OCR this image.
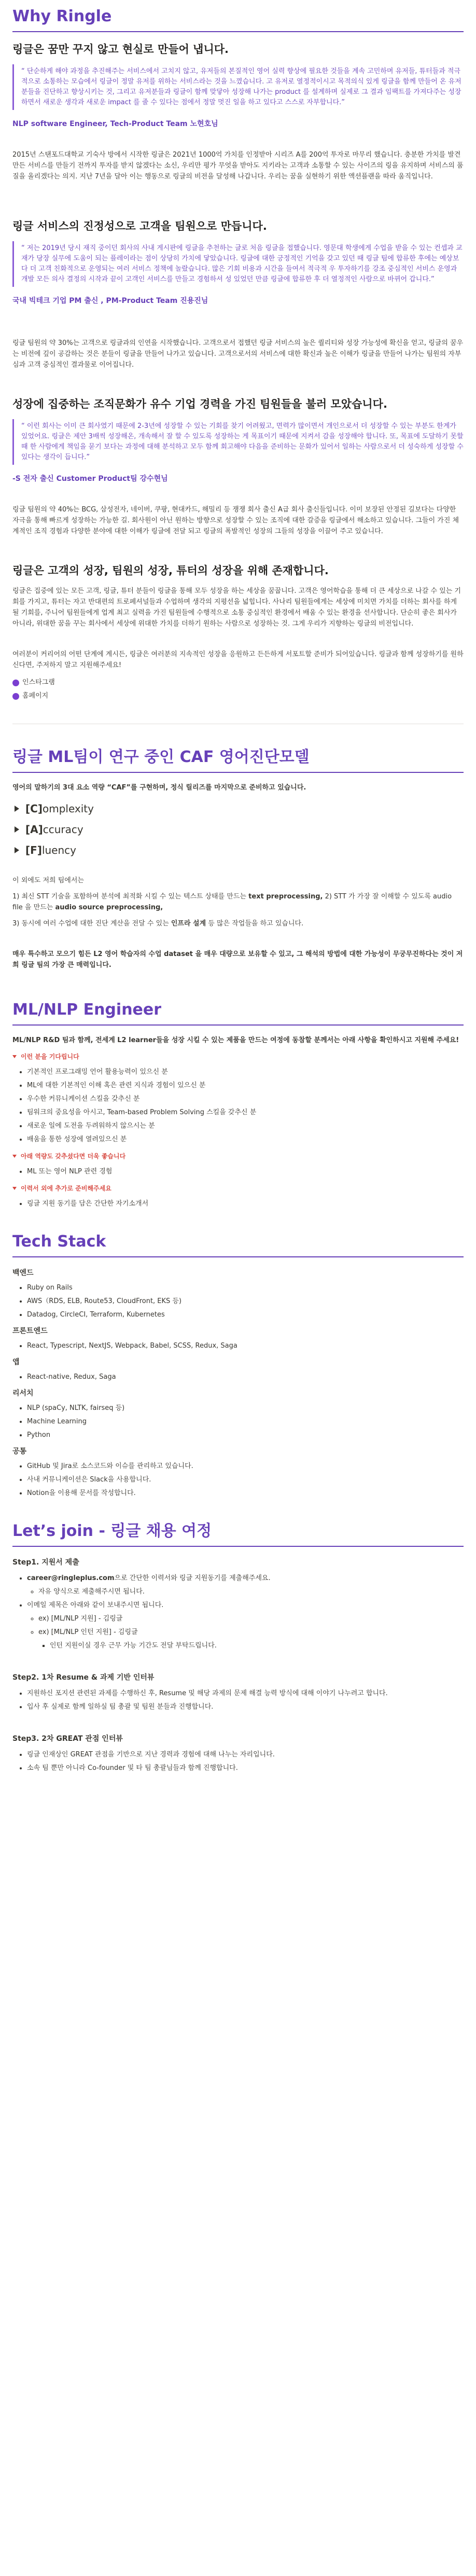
Why Ringle
링글은 꿈만 꾸지 않고 현실로 만들어 냅니다.
“ 단순하게 해야 과정을 추진해주는 서비스에서 고치지 않고, 유저들의 본질적인 영어 실력 향상에 필요한 것들을 계속 고민하며 유저들, 튜터들과 적극적으로 소통하는 모습에서 링글이 정말 유저를 위하는 서비스라는 것을 느꼈습니다. 고 유저로 열정적이시고 목적의식 있게 링글을 함께 만들어 온 유저분들을 진단하고 향상시키는 것, 그리고 유저분들과 링글이 함께 맞닿아 성장해 나가는 product 를 설계하며 실제로 그 결과 임팩트를 가져다주는 성장하면서 새로운 생각과 새로운 impact 를 줄 수 있다는 점에서 정말 멋진 일을 하고 있다고 스스로 자부합니다.”
NLP software Engineer, Tech-Product Team 노현호님

2015년 스탠포드대학교 기숙사 방에서 시작한 링글은 2021년 1000억 가치를 인정받아 시리즈 A를 200억 투자로 마무리 했습니다. 충분한 가치를 발견 만든 서비스를 만들기 전까지 투자를 받지 않겠다는 소신, 우리만 평가 무엇을 받아도 지키라는 고객과 소통할 수 있는 사이즈의 링을 유지하며 서비스의 품질을 올리겠다는 의지. 지난 7년을 달아 이는 행동으로 링글의 비전을 달성해 나갑니다. 우리는 꿈을 실현하기 위한 액션플랜을 따라 움직입니다.

링글 서비스의 진정성으로 고객을 팀원으로 만듭니다.
“ 저는 2019년 당시 재직 중이던 회사의 사내 게시판에 링글을 추천하는 글로 처음 링글을 접했습니다. 영문대 학생에게 수업을 받을 수 있는 컨셉과 교재가 당장 실무에 도움이 되는 플레이라는 점이 상당히 가치에 닿았습니다. 링글에 대한 긍정적인 기억을 갖고 있던 때 링글 팀에 합류한 후에는 예상보다 더 고객 친화적으로 운영되는 여러 서비스 정책에 놀랐습니다. 많은 기회 비용과 시간을 들여서 적극적 우 투자하기를 강조 중심적인 서비스 운영과 개발 모든 의사 결정의 시작과 끝이 고객인 서비스를 만들고 경험하셔 성 있었던 만큼 링글에 합류한 후 더 열정적인 사람으로 바뀌어 갑니다.”
국내 빅테크 기업 PM 출신 , PM-Product Team 진용진님

링글 팀원의 약 30%는 고객으로 링글과의 인연을 시작했습니다. 고객으로서 접했던 링글 서비스의 높은 퀄리티와 성장 가능성에 확신을 얻고, 링글의 꿈우는 비전에 깊이 공감하는 것은 분들이 링글을 만들어 나가고 있습니다. 고객으로서의 서비스에 대한 확신과 높은 이해가 링글을 만들어 나가는 팀원의 자부심과 고객 중심적인 결과물로 이어집니다.

성장에 집중하는 조직문화가 유수 기업 경력을 가진 팀원들을 불러 모았습니다.
“ 이런 회사는 이미 큰 회사였기 때문에 2-3년에 성장할 수 있는 기회를 찾기 어려웠고, 면력가 많이면서 개인으로서 더 성장할 수 있는 부분도 한계가 있었어요. 링글은 제안 3배씩 성장해온, 개속해서 잘 할 수 있도록 성장하는 게 목표이기 때문에 지켜서 감을 성장해야 합니다. 또, 목표에 도달하기 못할 때 한 사람에게 책임을 묻기 보다는 과정에 대해 분석하고 모두 함께 회고해야 다음을 준비하는 문화가 있어서 일하는 사람으로서 더 성숙하게 성장할 수 있다는 생각이 듭니다.”
-S 전자 출신 Customer Product팀 강수현님

링글 팀원의 약 40%는 BCG, 삼성전자, 네이버, 쿠팡, 현대카드, 해밀리 등 쟁쟁 회사 출신 A급 회사 출신들입니다. 이미 보장된 안정된 길보다는 다양한 자극을 통해 빠르게 성장하는 가능한 길. 회사원이 아닌 원하는 방향으로 성장할 수 있는 조직에 대한 갈증을 링글에서 해소하고 있습니다. 그들이 가진 체계적인 조직 경험과 다양한 분야에 대한 이해가 링글에 전달 되고 링글의 폭발적인 성장의 그들의 성장을 이끌어 주고 있습니다.

링글은 고객의 성장, 팀원의 성장, 튜터의 성장을 위해 존재합니다.

링글은 집중에 있는 모든 고객, 링글, 튜터 분들이 링글을 통해 모두 성장을 하는 세상을 꿈꿉니다. 고객은 영어학습을 통해 더 큰 세상으로 나갈 수 있는 기회를 가지고, 튜터는 자고 반대편의 트로페셔널들과 수업하며 생각의 지평선을 넓힙니다. 사나리 팀원들에게는 세상에 미치면 가치를 더하는 회사를 하게 될 기회를, 주니어 팀원들에게 업계 최고 실력을 가진 팀원들에 수행적으로 소통 중심적인 환경에서 배움 수 있는 환경을 선사합니다. 단순히 좋은 회사가 아니라, 위대한 꿈을 꾸는 회사에서 세상에 위대한 가치를 더하기 원하는 사람으로 성장하는 것. 그게 우리가 지향하는 링글의 비전입니다.

여러분이 커리어의 어떤 단계에 계시든, 링글은 여러분의 지속적인 성장을 응원하고 든든하게 서포트할 준비가 되어있습니다. 링글과 함께 성장하기를 원하신다면, 주저하지 말고 지원해주세요!

인스타그램
홈페이지
링글 ML팀이 연구 중인 CAF 영어진단모델

영어의 말하기의 3대 요소 역량 “CAF”를 구현하며, 정식 릴리즈를 마지막으로 준비하고 있습니다.

[C] omplexity
[A] ccuracy
[F] luency

이 외에도 저희 팀에서는

1) 최신 STT 기술을 포함하여 분석에 최적화 시킬 수 있는 텍스트 상태를 만드는 text preprocessing, 2) STT 가 가장 잘 이해할 수 있도록 audio file 을 만드는 audio source preprocessing,

3) 동시에 여러 수업에 대한 진단 계산을 전달 수 있는 인프라 설계 등 많은 작업들을 하고 있습니다.

매우 특수하고 모으기 힘든 L2 영어 학습자의 수업 dataset 을 매우 대량으로 보유할 수 있고, 그 해석의 방법에 대한 가능성이 무궁무진하다는 것이 저희 링글 팀의 가장 큰 매력입니다.

ML/NLP Engineer

ML/NLP R&D 팀과 함께, 전세계 L2 learner들을 성장 시킬 수 있는 제품을 만드는 여정에 동참할 분께서는 아래 사항을 확인하시고 지원해 주세요!

이런 분을 기다립니다
• 기본적인 프로그래밍 언어 활용능력이 있으신 분
• ML에 대한 기본적인 이해 혹은 관련 지식과 경험이 있으신 분
• 우수한 커뮤니케이션 스킬을 갖추신 분
• 팀워크의 중요성을 아시고, Team-based Problem Solving 스킬을 갖추신 분
• 새로운 일에 도전을 두려워하지 않으시는 분
• 배움을 통한 성장에 열려있으신 분
아래 역량도 갖추셨다면 더욱 좋습니다
• ML 또는 영어 NLP 관련 경험
이력서 외에 추가로 준비해주세요
• 링글 지원 동기를 담은 간단한 자기소개서
Tech Stack
백엔드
• Ruby on Rails
• AWS（RDS, ELB, Route53, CloudFront, EKS 등)
• Datadog, CircleCI, Terraform, Kubernetes
프론트엔드
• React, Typescript, NextJS, Webpack, Babel, SCSS, Redux, Saga
앱
• React-native, Redux, Saga
리서치
• NLP (spaCy, NLTK, fairseq 등)
• Machine Learning
• Python
공통
• GitHub 및 Jira로 소스코드와 이슈를 관리하고 있습니다.
• 사내 커뮤니케이션은 Slack을 사용합니다.
• Notion을 이용해 문서를 작성합니다.
Let’s join - 링글 채용 여정
Step1. 지원서 제출
• career@ringleplus.com으로 간단한 이력서와 링글 지원동기를 제출해주세요.
◦ 자유 양식으로 제출해주시면 됩니다.
• 이메일 제목은 아래와 같이 보내주시면 됩니다.
◦ ex) [ML/NLP 지원] - 김링글
◦ ex) [ML/NLP 인턴 지원] - 김링글
▪ 인턴 지원이실 경우 근무 가능 기간도 전달 부탁드립니다.
Step2. 1차 Resume & 과제 기반 인터뷰
• 지원하신 포지션 관련된 과제를 수행하신 후, Resume 및 해당 과제의 문제 해결 능력 방식에 대해 이야기 나누려고 합니다.
• 입사 후 실제로 함께 일하실 팀 총괄 및 팀원 분들과 진행합니다.
Step3. 2차 GREAT 관점 인터뷰
• 링글 인재상인 GREAT 관점을 기반으로 지난 경력과 경험에 대해 나누는 자리입니다.
• 소속 팀 뿐만 아니라 Co-founder 및 타 팀 총괄님들과 함께 진행합니다.
